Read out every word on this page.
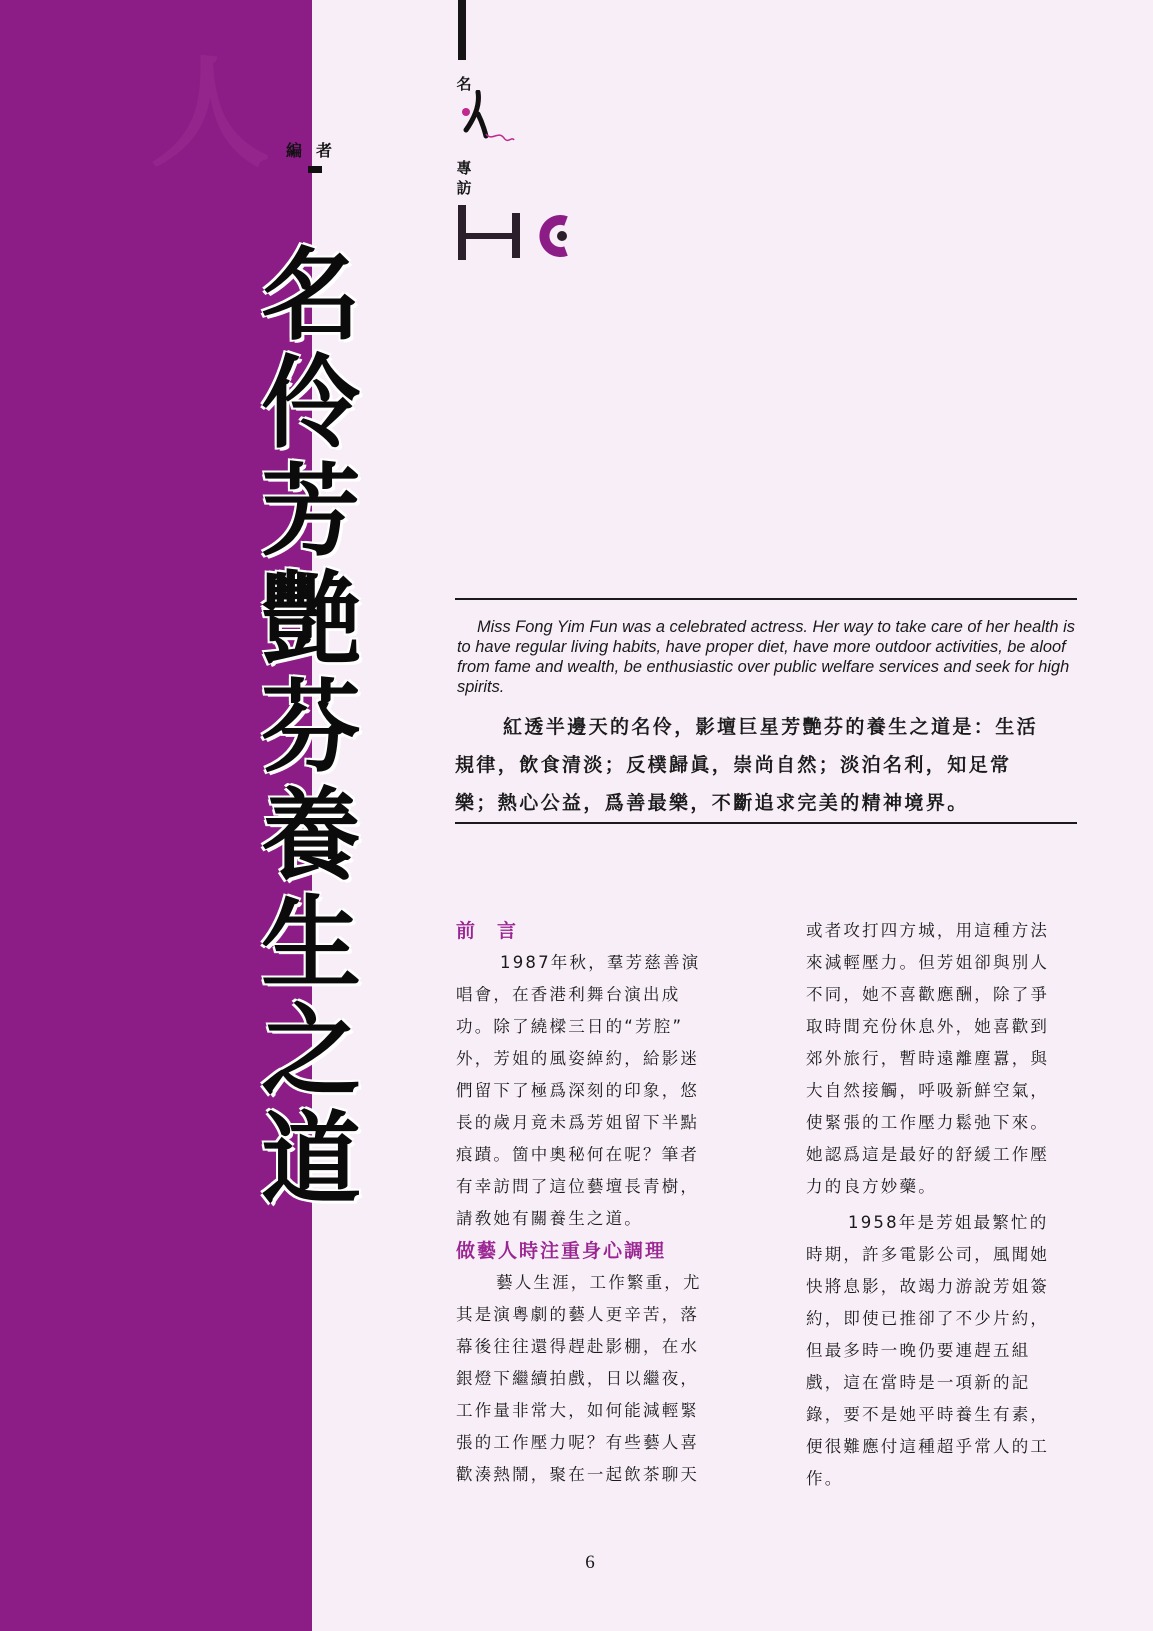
人	編者
名
伶
芳
艷
芬
養
生
之
道
名
專
訪
Miss Fong Yim Fun was a celebrated actress. Her way to take care of her health is to have regular living habits, have proper diet, have more outdoor activities, be aloof from fame and wealth, be enthusiastic over public welfare services and seek for high spirits.
紅透半邊天的名伶，影壇巨星芳艷芬的養生之道是：生活
規律，飲食清淡；反樸歸眞，崇尚自然；淡泊名利，知足常
樂；熱心公益，爲善最樂，不斷追求完美的精神境界。
前言
1987年秋，羣芳慈善演
唱會，在香港利舞台演出成
功。除了繞樑三日的“芳腔”
外，芳姐的風姿綽約，給影迷
們留下了極爲深刻的印象，悠
長的歲月竟未爲芳姐留下半點
痕蹟。箇中奧秘何在呢？筆者
有幸訪問了這位藝壇長青樹，
請敎她有關養生之道。
做藝人時注重身心調理
藝人生涯，工作繁重，尤
其是演粵劇的藝人更辛苦，落
幕後往往還得趕赴影棚，在水
銀燈下繼續拍戲，日以繼夜，
工作量非常大，如何能減輕緊
張的工作壓力呢？有些藝人喜
歡湊熱鬧，聚在一起飲茶聊天
或者攻打四方城，用這種方法
來減輕壓力。但芳姐卻與別人
不同，她不喜歡應酬，除了爭
取時間充份休息外，她喜歡到
郊外旅行，暫時遠離塵囂，與
大自然接觸，呼吸新鮮空氣，
使緊張的工作壓力鬆弛下來。
她認爲這是最好的舒緩工作壓
力的良方妙藥。
1958年是芳姐最繁忙的
時期，許多電影公司，風聞她
快將息影，故竭力游說芳姐簽
約，即使已推卻了不少片約，
但最多時一晚仍要連趕五組
戲，這在當時是一項新的記
錄，要不是她平時養生有素，
便很難應付這種超乎常人的工
作。
6
